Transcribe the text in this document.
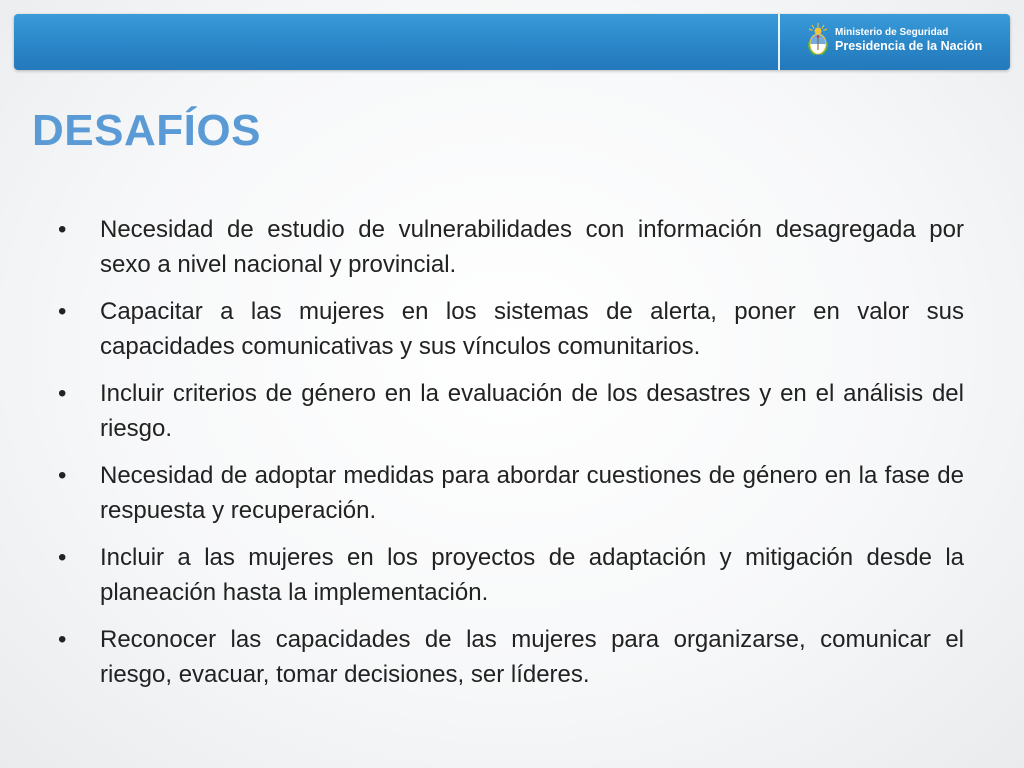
Ministerio de Seguridad
Presidencia de la Nación
DESAFÍOS
• Necesidad de estudio de vulnerabilidades con información desagregada por sexo a nivel nacional y provincial.
• Capacitar a las mujeres en los sistemas de alerta, poner en valor sus capacidades comunicativas y sus vínculos comunitarios.
• Incluir criterios de género en la evaluación de los desastres y en el análisis del riesgo.
• Necesidad de adoptar medidas para abordar cuestiones de género en la fase de respuesta y recuperación.
• Incluir a las mujeres en los proyectos de adaptación y mitigación desde la planeación hasta la implementación.
• Reconocer las capacidades de las mujeres para organizarse, comunicar el riesgo, evacuar, tomar decisiones, ser líderes.
